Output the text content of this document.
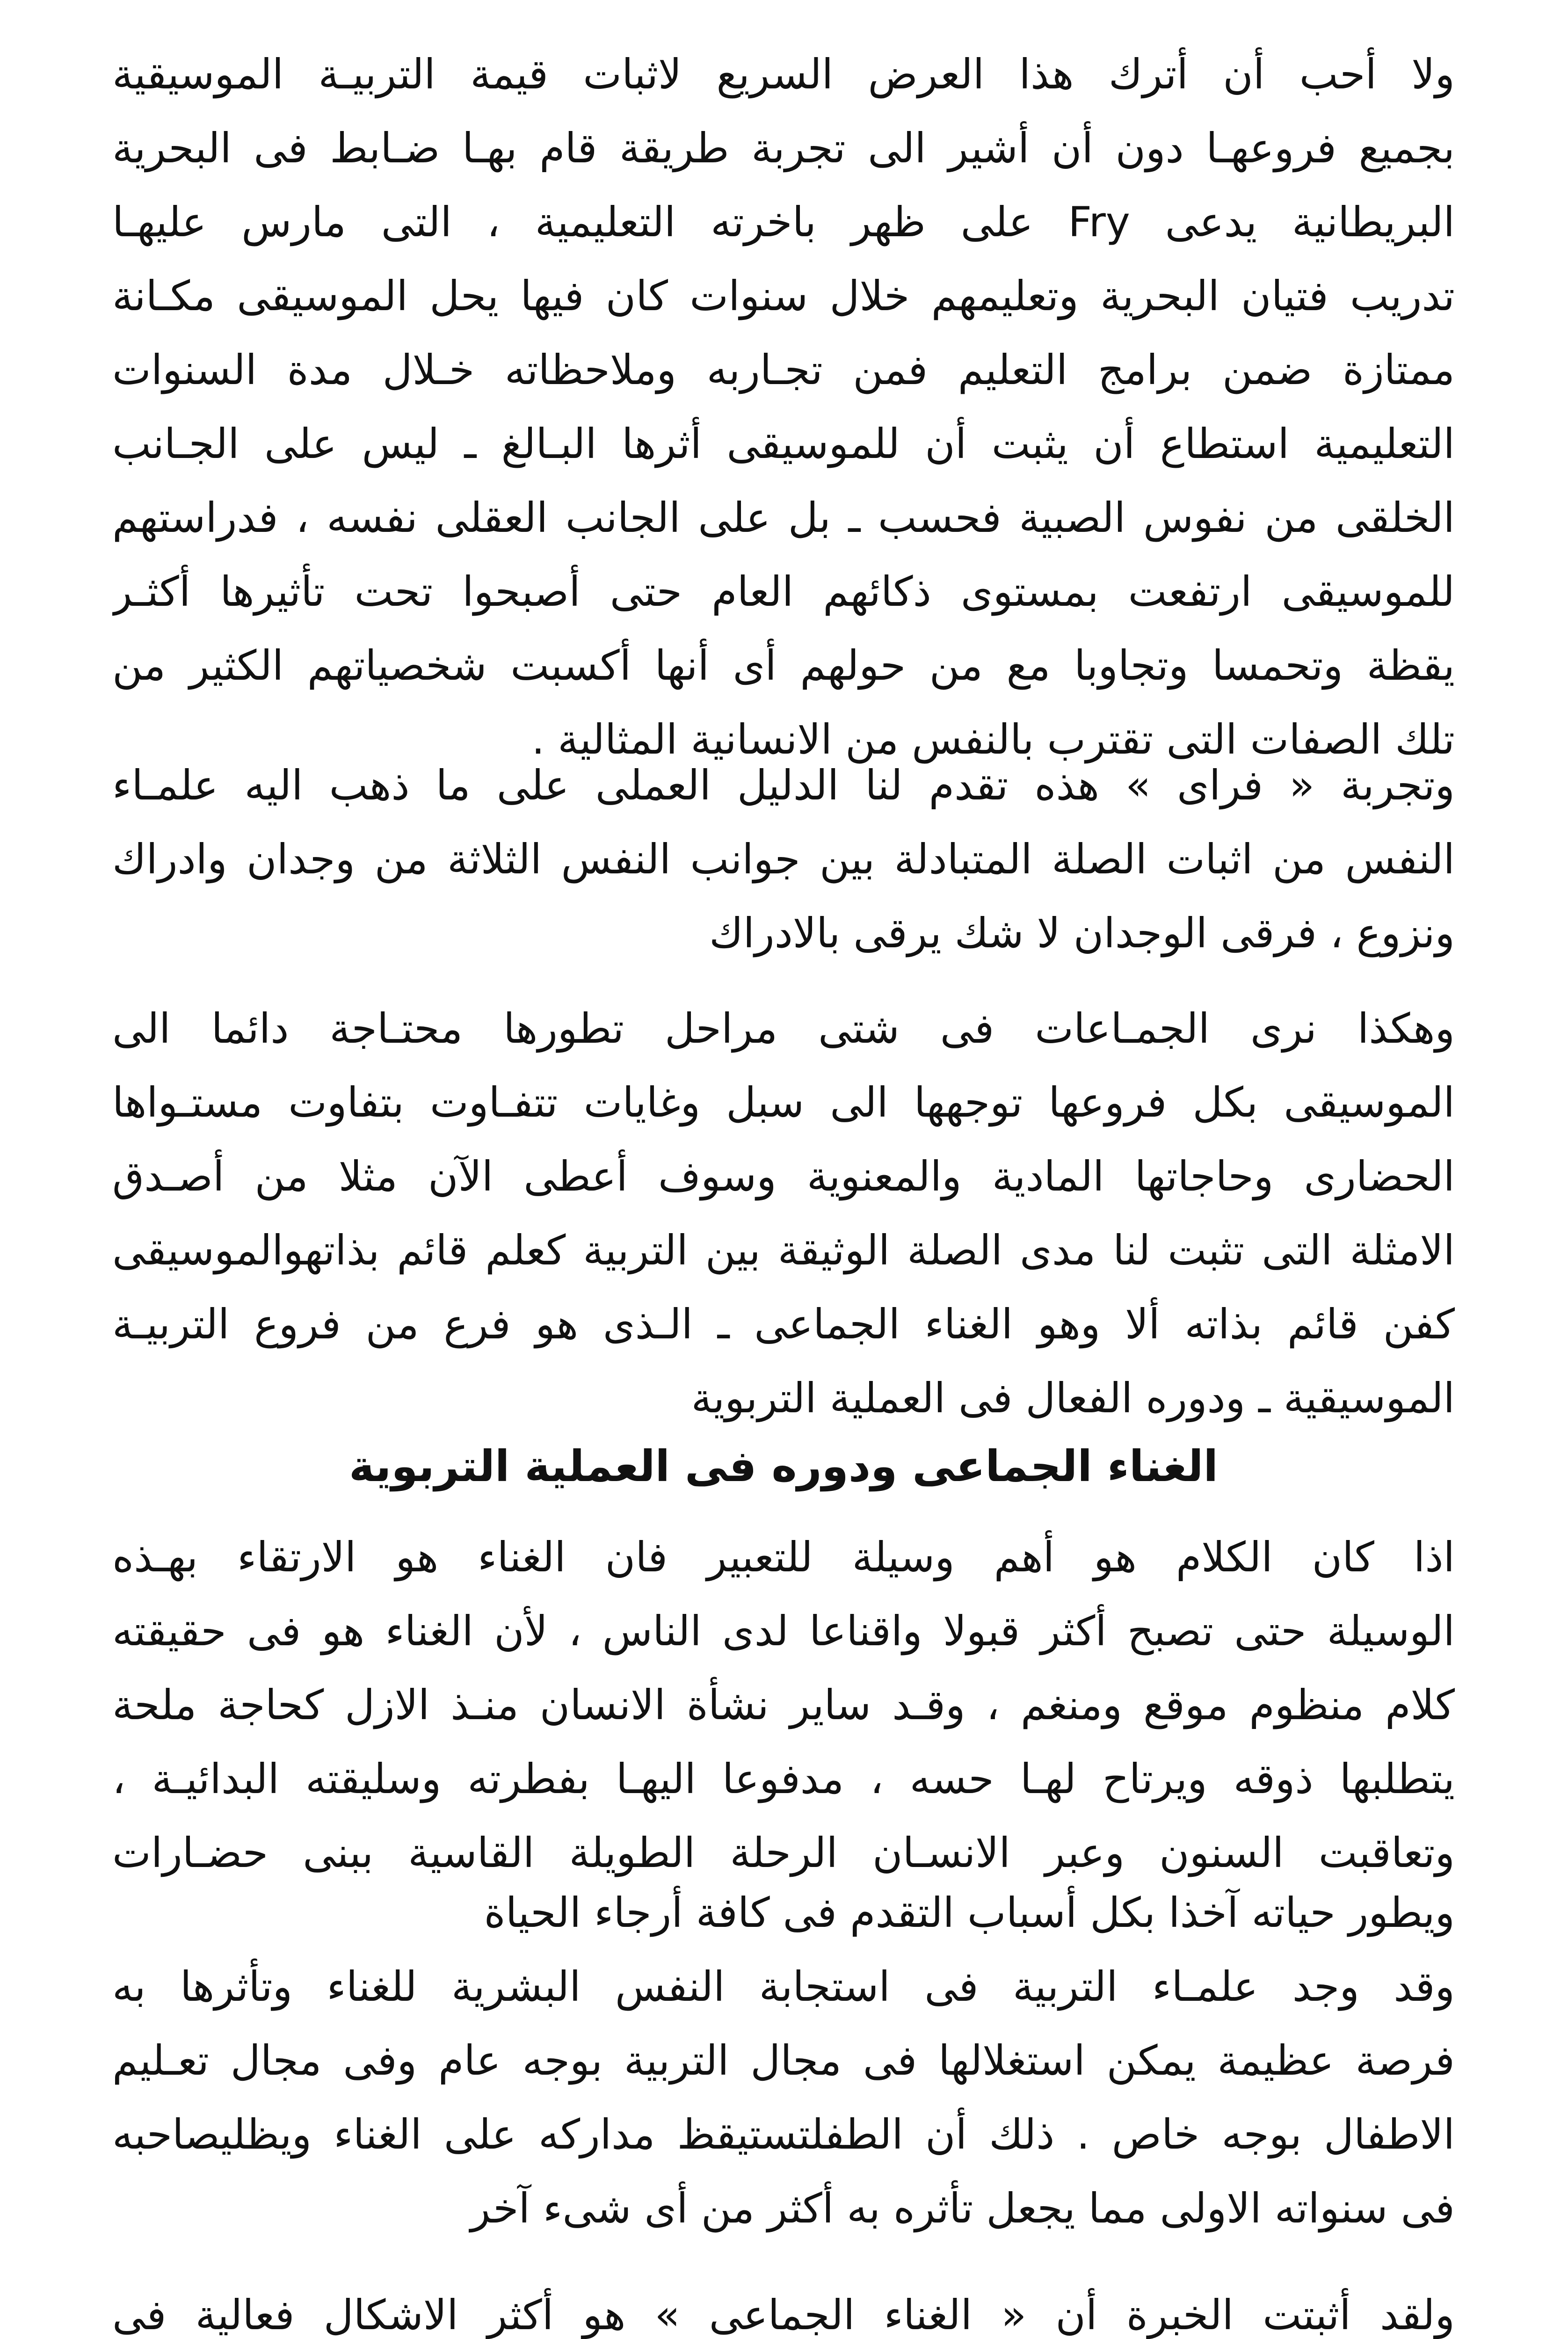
ولا أحب أن أترك هذا العرض السريع لاثبات قيمة التربيـة الموسيقية
بجميع فروعهـا دون أن أشير الى تجربة طريقة قام بهـا ضـابط فى البحرية
البريطانية يدعى Fry على ظهر باخرته التعليمية ، التى مارس عليهـا
تدريب فتيان البحرية وتعليمهم خلال سنوات كان فيها يحل الموسيقى مكـانة
ممتازة ضمن برامج التعليم فمن تجـاربه وملاحظاته خـلال مدة السنوات
التعليمية استطاع أن يثبت أن للموسيقى أثرها البـالغ ـ ليس على الجـانب
الخلقى من نفوس الصبية فحسب ـ بل على الجانب العقلى نفسه ، فدراستهم
للموسيقى ارتفعت بمستوى ذكائهم العام حتى أصبحوا تحت تأثيرها أكثـر
يقظة وتحمسا وتجاوبا مع من حولهم أى أنها أكسبت شخصياتهم الكثير من
تلك الصفات التى تقترب بالنفس من الانسانية المثالية .
وتجربة « فراى » هذه تقدم لنا الدليل العملى على ما ذهب اليه علمـاء
النفس من اثبات الصلة المتبادلة بين جوانب النفس الثلاثة من وجدان وادراك
ونزوع ، فرقى الوجدان لا شك يرقى بالادراك
وهكذا نرى الجمـاعات فى شتى مراحل تطورها محتـاجة دائما الى
الموسيقى بكل فروعها توجهها الى سبل وغايات تتفـاوت بتفاوت مستـواها
الحضارى وحاجاتها المادية والمعنوية وسوف أعطى الآن مثلا من أصـدق
الامثلة التى تثبت لنا مدى الصلة الوثيقة بين التربية كعلم قائم بذاتهوالموسيقى
كفن قائم بذاته ألا وهو الغناء الجماعى ـ الـذى هو فرع من فروع التربيـة
الموسيقية ـ ودوره الفعال فى العملية التربوية
الغناء الجماعى ودوره فى العملية التربوية
اذا كان الكلام هو أهم وسيلة للتعبير فان الغناء هو الارتقاء بهـذه
الوسيلة حتى تصبح أكثر قبولا واقناعا لدى الناس ، لأن الغناء هو فى حقيقته
كلام منظوم موقع ومنغم ، وقـد ساير نشأة الانسان منـذ الازل كحاجة ملحة
يتطلبها ذوقه ويرتاح لهـا حسه ، مدفوعا اليهـا بفطرته وسليقته البدائيـة ،
وتعاقبت السنون وعبر الانسـان الرحلة الطويلة القاسية ببنى حضـارات
ويطور حياته آخذا بكل أسباب التقدم فى كافة أرجاء الحياة
وقد وجد علمـاء التربية فى استجابة النفس البشرية للغناء وتأثرها به
فرصة عظيمة يمكن استغلالها فى مجال التربية بوجه عام وفى مجال تعـليم
الاطفال بوجه خاص . ذلك أن الطفلتستيقظ مداركه على الغناء ويظليصاحبه
فى سنواته الاولى مما يجعل تأثره به أكثر من أى شىء آخر
ولقد أثبتت الخبرة أن « الغناء الجماعى » هو أكثر الاشكال فعالية فى
